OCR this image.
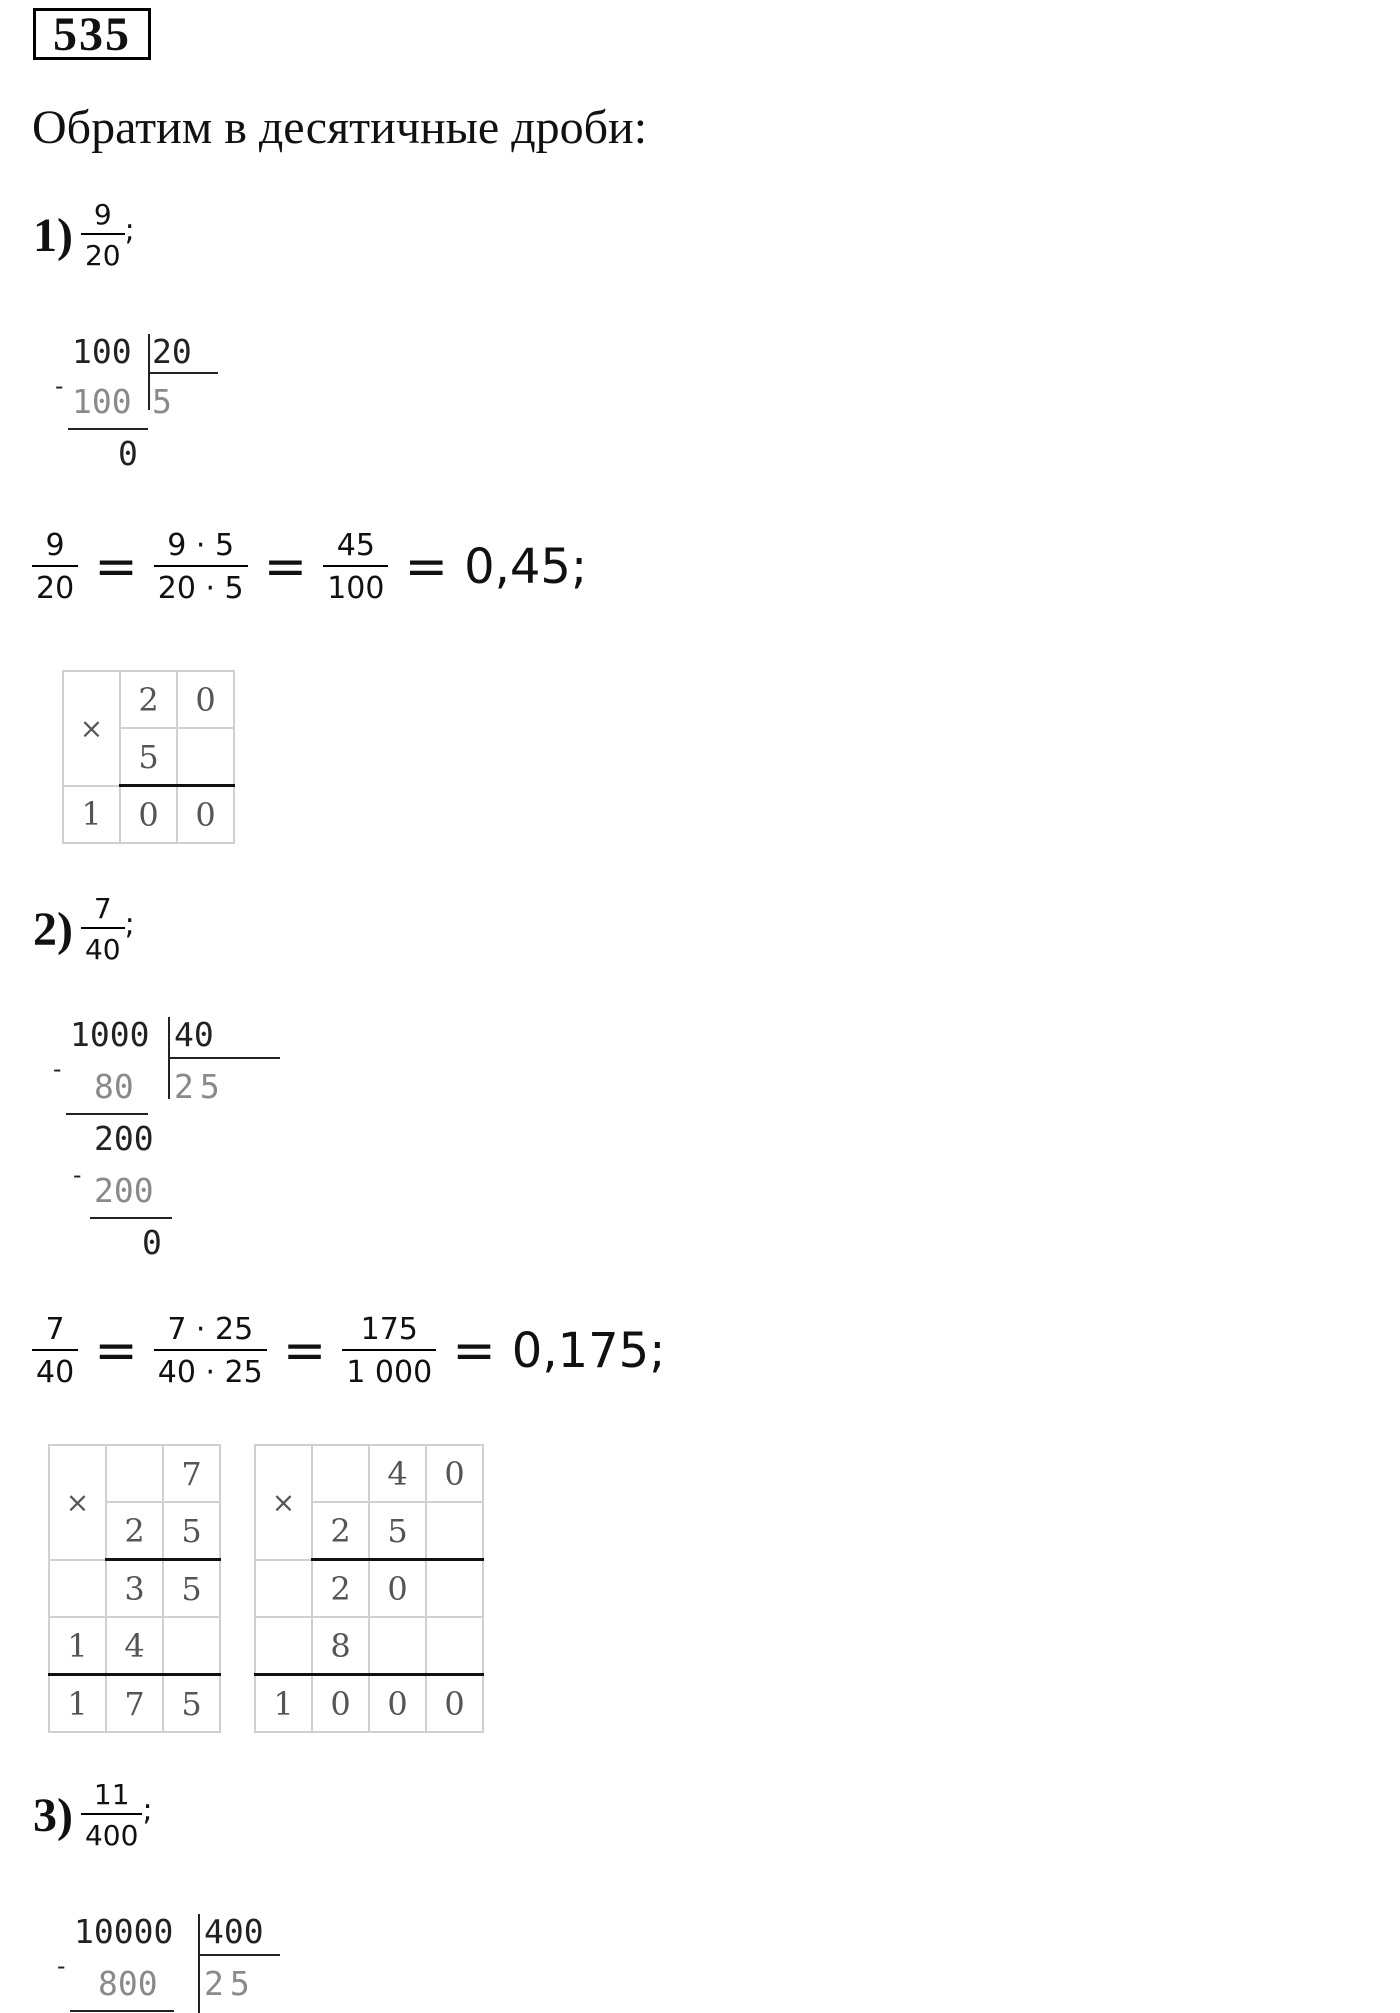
535
Обратим в десятичные дроби:
$1) \frac{9}{20}$ ;
-
100 20
100 5
0
$\frac{9}{20} = \frac{9 \cdot 5}{20 \cdot 5} = \frac{45}{100} = 0,45$;
×	2	0
	5	
1	0	0
$2) \frac{7}{40}$ ;
-
1000 40
80 25
200
- 200
0
$\frac{7}{40} = \frac{7 \cdot 25}{40 \cdot 25} = \frac{175}{1 000} = 0,175$;
×		7
	2	5
	3	5
1	4	
1	7	5
×		4	0
	2	5	
	2	0	
	8		
1	0	0	0
$3) \frac{11}{400}$ ;
-
10000 400
800 25
